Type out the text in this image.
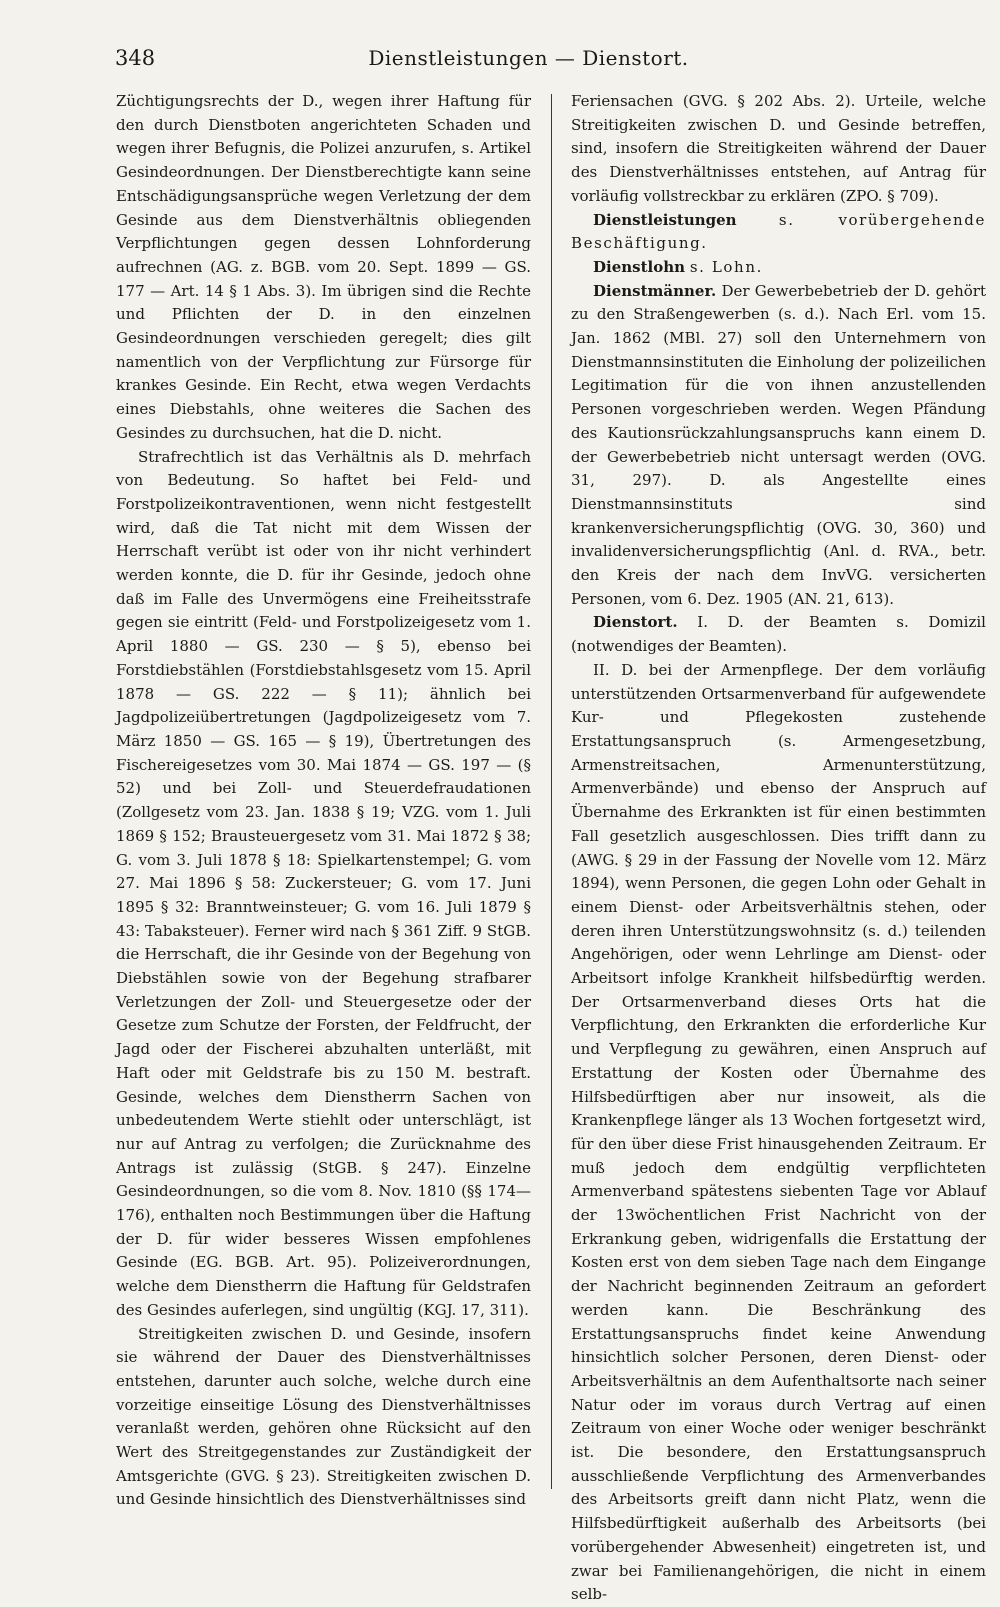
348	Dienstleistungen — Dienstort.

Züchtigungsrechts der D., wegen ihrer Haftung für den durch Dienstboten angerichteten Schaden und wegen ihrer Befugnis, die Polizei anzurufen, s. Artikel Gesindeordnungen. Der Dienstberechtigte kann seine Entschädigungsansprüche wegen Verletzung der dem Gesinde aus dem Dienstverhältnis obliegenden Verpflichtungen gegen dessen Lohnforderung aufrechnen (AG. z. BGB. vom 20. Sept. 1899 — GS. 177 — Art. 14 § 1 Abs. 3). Im übrigen sind die Rechte und Pflichten der D. in den einzelnen Gesindeordnungen verschieden geregelt; dies gilt namentlich von der Verpflichtung zur Fürsorge für krankes Gesinde. Ein Recht, etwa wegen Verdachts eines Diebstahls, ohne weiteres die Sachen des Gesindes zu durchsuchen, hat die D. nicht.

Strafrechtlich ist das Verhältnis als D. mehrfach von Bedeutung. So haftet bei Feld- und Forstpolizeikontraventionen, wenn nicht festgestellt wird, daß die Tat nicht mit dem Wissen der Herrschaft verübt ist oder von ihr nicht verhindert werden konnte, die D. für ihr Gesinde, jedoch ohne daß im Falle des Unvermögens eine Freiheitsstrafe gegen sie eintritt (Feld- und Forstpolizeigesetz vom 1. April 1880 — GS. 230 — § 5), ebenso bei Forstdiebstählen (Forstdiebstahlsgesetz vom 15. April 1878 — GS. 222 — § 11); ähnlich bei Jagdpolizeiübertretungen (Jagdpolizeigesetz vom 7. März 1850 — GS. 165 — § 19), Übertretungen des Fischereigesetzes vom 30. Mai 1874 — GS. 197 — (§ 52) und bei Zoll- und Steuerdefraudationen (Zollgesetz vom 23. Jan. 1838 § 19; VZG. vom 1. Juli 1869 § 152; Brausteuergesetz vom 31. Mai 1872 § 38; G. vom 3. Juli 1878 § 18: Spielkartenstempel; G. vom 27. Mai 1896 § 58: Zuckersteuer; G. vom 17. Juni 1895 § 32: Branntweinsteuer; G. vom 16. Juli 1879 § 43: Tabaksteuer). Ferner wird nach § 361 Ziff. 9 StGB. die Herrschaft, die ihr Gesinde von der Begehung von Diebstählen sowie von der Begehung strafbarer Verletzungen der Zoll- und Steuergesetze oder der Gesetze zum Schutze der Forsten, der Feldfrucht, der Jagd oder der Fischerei abzuhalten unterläßt, mit Haft oder mit Geldstrafe bis zu 150 M. bestraft. Gesinde, welches dem Dienstherrn Sachen von unbedeutendem Werte stiehlt oder unterschlägt, ist nur auf Antrag zu verfolgen; die Zurücknahme des Antrags ist zulässig (StGB. § 247). Einzelne Gesindeordnungen, so die vom 8. Nov. 1810 (§§ 174—176), enthalten noch Bestimmungen über die Haftung der D. für wider besseres Wissen empfohlenes Gesinde (EG. BGB. Art. 95). Polizeiverordnungen, welche dem Dienstherrn die Haftung für Geldstrafen des Gesindes auferlegen, sind ungültig (KGJ. 17, 311).

Streitigkeiten zwischen D. und Gesinde, insofern sie während der Dauer des Dienstverhältnisses entstehen, darunter auch solche, welche durch eine vorzeitige einseitige Lösung des Dienstverhältnisses veranlaßt werden, gehören ohne Rücksicht auf den Wert des Streitgegenstandes zur Zuständigkeit der Amtsgerichte (GVG. § 23). Streitigkeiten zwischen D. und Gesinde hinsichtlich des Dienstverhältnisses sind

Feriensachen (GVG. § 202 Abs. 2). Urteile, welche Streitigkeiten zwischen D. und Gesinde betreffen, sind, insofern die Streitigkeiten während der Dauer des Dienstverhältnisses entstehen, auf Antrag für vorläufig vollstreckbar zu erklären (ZPO. § 709).

Dienstleistungen	s. vorübergehende Beschäftigung.

Dienstlohn s. Lohn.

Dienstmänner. Der Gewerbebetrieb der D. gehört zu den Straßengewerben (s. d.). Nach Erl. vom 15. Jan. 1862 (MBl. 27) soll den Unternehmern von Dienstmannsinstituten die Einholung der polizeilichen Legitimation für die von ihnen anzustellenden Personen vorgeschrieben werden. Wegen Pfändung des Kautionsrückzahlungsanspruchs kann einem D. der Gewerbebetrieb nicht untersagt werden (OVG. 31, 297). D. als Angestellte eines Dienstmannsinstituts sind krankenversicherungspflichtig (OVG. 30, 360) und invalidenversicherungspflichtig (Anl. d. RVA., betr. den Kreis der nach dem InvVG. versicherten Personen, vom 6. Dez. 1905 (AN. 21, 613).

Dienstort. I. D. der Beamten s. Domizil (notwendiges der Beamten).

II. D. bei der Armenpflege. Der dem vorläufig unterstützenden Ortsarmenverband für aufgewendete Kur- und Pflegekosten zustehende Erstattungsanspruch (s. Armengesetzbung, Armenstreitsachen, Armenunterstützung, Armenverbände) und ebenso der Anspruch auf Übernahme des Erkrankten ist für einen bestimmten Fall gesetzlich ausgeschlossen. Dies trifft dann zu (AWG. § 29 in der Fassung der Novelle vom 12. März 1894), wenn Personen, die gegen Lohn oder Gehalt in einem Dienst- oder Arbeitsverhältnis stehen, oder deren ihren Unterstützungswohnsitz (s. d.) teilenden Angehörigen, oder wenn Lehrlinge am Dienst- oder Arbeitsort infolge Krankheit hilfsbedürftig werden. Der Ortsarmenverband dieses Orts hat die Verpflichtung, den Erkrankten die erforderliche Kur und Verpflegung zu gewähren, einen Anspruch auf Erstattung der Kosten oder Übernahme des Hilfsbedürftigen aber nur insoweit, als die Krankenpflege länger als 13 Wochen fortgesetzt wird, für den über diese Frist hinausgehenden Zeitraum. Er muß jedoch dem endgültig verpflichteten Armenverband spätestens siebenten Tage vor Ablauf der 13wöchentlichen Frist Nachricht von der Erkrankung geben, widrigenfalls die Erstattung der Kosten erst von dem sieben Tage nach dem Eingange der Nachricht beginnenden Zeitraum an gefordert werden kann. Die Beschränkung des Erstattungsanspruchs findet keine Anwendung hinsichtlich solcher Personen, deren Dienst- oder Arbeitsverhältnis an dem Aufenthaltsorte nach seiner Natur oder im voraus durch Vertrag auf einen Zeitraum von einer Woche oder weniger beschränkt ist. Die besondere, den Erstattungsanspruch ausschließende Verpflichtung des Armenverbandes des Arbeitsorts greift dann nicht Platz, wenn die Hilfsbedürftigkeit außerhalb des Arbeitsorts (bei vorübergehender Abwesenheit) eingetreten ist, und zwar bei Familienangehörigen, die nicht in einem selb-
